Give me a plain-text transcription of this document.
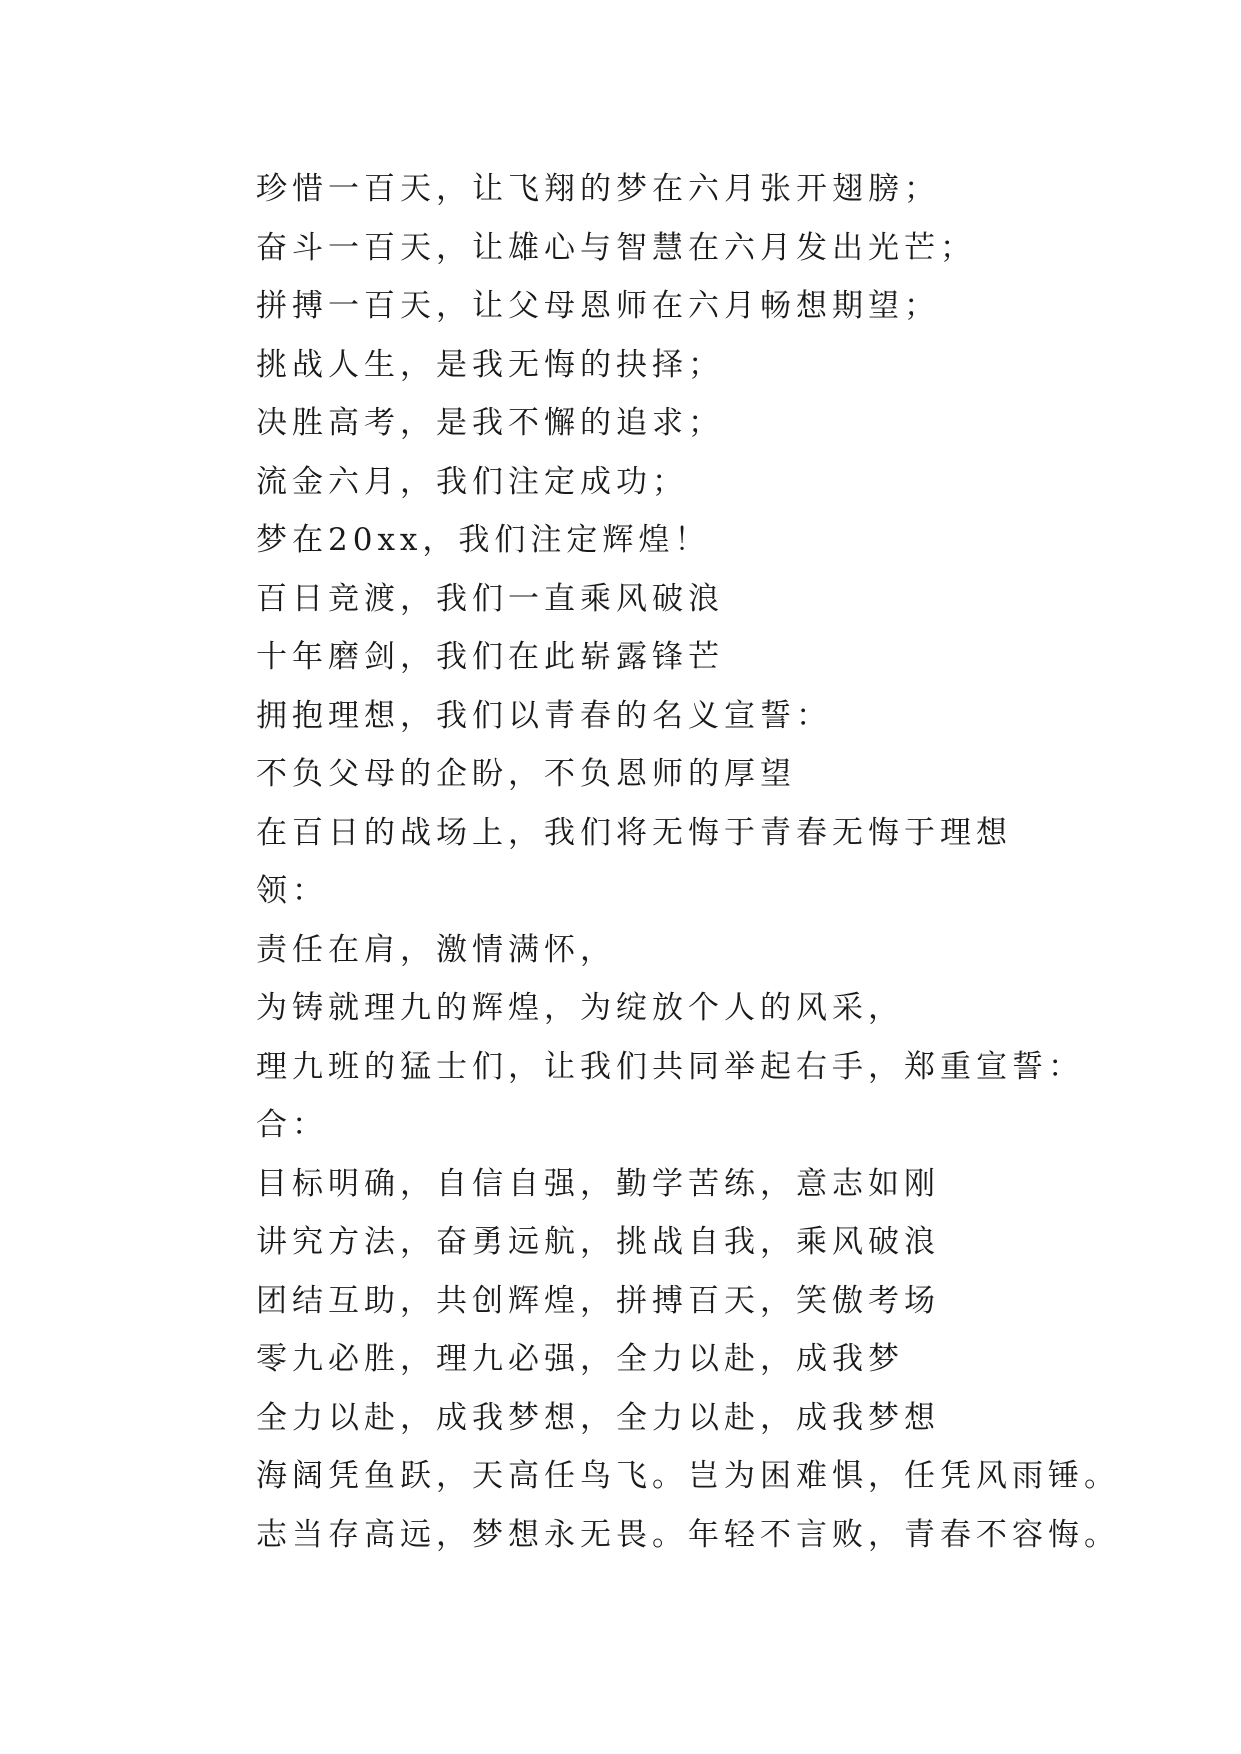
珍惜一百天，让飞翔的梦在六月张开翅膀；
奋斗一百天，让雄心与智慧在六月发出光芒；
拼搏一百天，让父母恩师在六月畅想期望；
挑战人生，是我无悔的抉择；
决胜高考，是我不懈的追求；
流金六月，我们注定成功；
梦在20xx，我们注定辉煌！
百日竞渡，我们一直乘风破浪
十年磨剑，我们在此崭露锋芒
拥抱理想，我们以青春的名义宣誓：
不负父母的企盼，不负恩师的厚望
在百日的战场上，我们将无悔于青春无悔于理想
领：
责任在肩，激情满怀，
为铸就理九的辉煌，为绽放个人的风采，
理九班的猛士们，让我们共同举起右手，郑重宣誓：
合：
目标明确，自信自强，勤学苦练，意志如刚
讲究方法，奋勇远航，挑战自我，乘风破浪
团结互助，共创辉煌，拼搏百天，笑傲考场
零九必胜，理九必强，全力以赴，成我梦
全力以赴，成我梦想，全力以赴，成我梦想
海阔凭鱼跃，天高任鸟飞。岂为困难惧，任凭风雨锤。
志当存高远，梦想永无畏。年轻不言败，青春不容悔。
